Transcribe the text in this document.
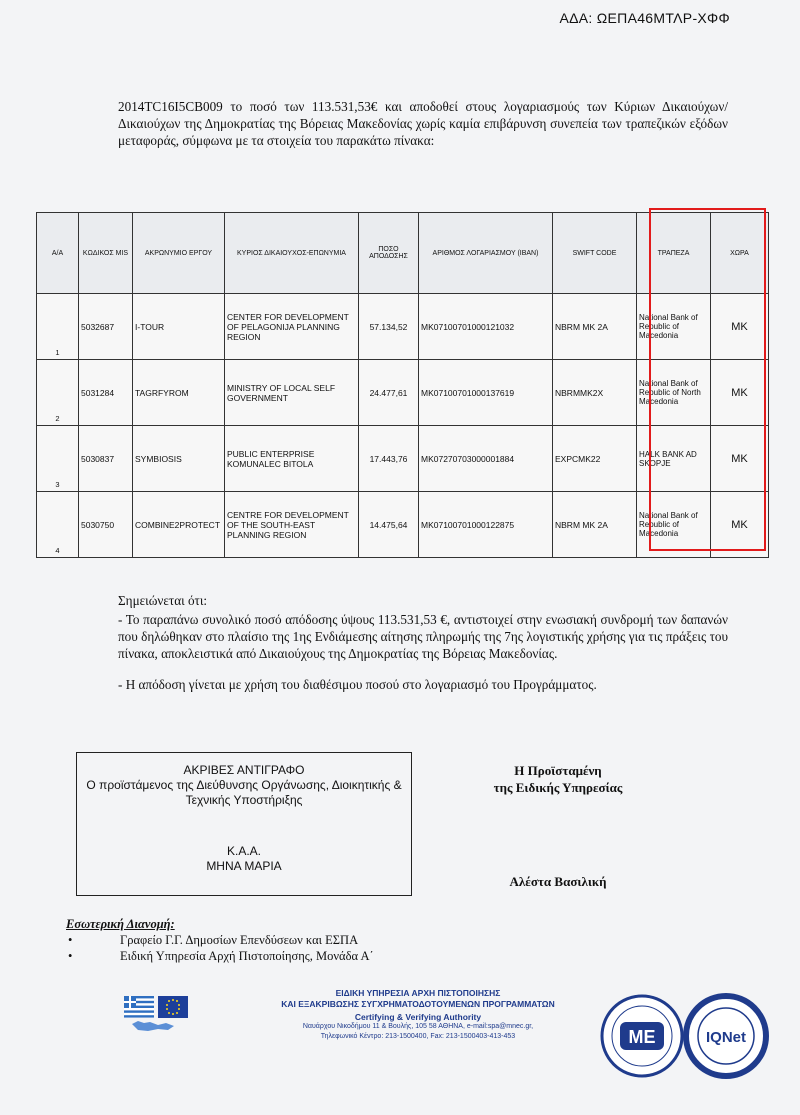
ΑΔΑ: ΩΕΠΑ46ΜΤΛΡ-ΧΦΦ

2014TC16I5CB009 το ποσό των 113.531,53€ και αποδοθεί στους λογαριασμούς των Κύριων Δικαιούχων/Δικαιούχων της Δημοκρατίας της Βόρειας Μακεδονίας χωρίς καμία επιβάρυνση συνεπεία των τραπεζικών εξόδων μεταφοράς, σύμφωνα με τα στοιχεία του παρακάτω πίνακα:

Α/Α	ΚΩΔΙΚΟΣ MIS	ΑΚΡΩΝΥΜΙΟ ΕΡΓΟΥ	ΚΥΡΙΟΣ ΔΙΚΑΙΟΥΧΟΣ-ΕΠΩΝΥΜΙΑ	ΠΟΣΟ ΑΠΟΔΟΣΗΣ	ΑΡΙΘΜΟΣ ΛΟΓΑΡΙΑΣΜΟΥ (IBAN)	SWIFT CODE	ΤΡΑΠΕΖΑ	ΧΩΡΑ
1	5032687	I-TOUR	CENTER FOR DEVELOPMENT OF PELAGONIJA PLANNING REGION	57.134,52	MK07100701000121032	NBRM MK 2A	National Bank of Republic of Macedonia	MK
2	5031284	TAGRFYROM	MINISTRY OF LOCAL SELF GOVERNMENT	24.477,61	MK07100701000137619	NBRMMK2X	National Bank of Republic of North Macedonia	MK
3	5030837	SYMBIOSIS	PUBLIC ENTERPRISE KOMUNALEC BITOLA	17.443,76	MK07270703000001884	EXPCMK22	HALK BANK AD SKOPJE	MK
4	5030750	COMBINE2PROTECT	CENTRE FOR DEVELOPMENT OF THE SOUTH-EAST PLANNING REGION	14.475,64	MK07100701000122875	NBRM MK 2A	National Bank of Republic of Macedonia	MK

Σημειώνεται ότι:

- Το παραπάνω συνολικό ποσό απόδοσης ύψους 113.531,53 €, αντιστοιχεί στην ενωσιακή συνδρομή των δαπανών που δηλώθηκαν στο πλαίσιο της 1ης Ενδιάμεσης αίτησης πληρωμής της 7ης λογιστικής χρήσης για τις πράξεις του πίνακα, αποκλειστικά από Δικαιούχους της Δημοκρατίας της Βόρειας Μακεδονίας.

- Η απόδοση γίνεται με χρήση του διαθέσιμου ποσού στο λογαριασμό του Προγράμματος.

ΑΚΡΙΒΕΣ ΑΝΤΙΓΡΑΦΟ
Ο προϊστάμενος της Διεύθυνσης Οργάνωσης, Διοικητικής & Τεχνικής Υποστήριξης
Κ.Α.Α.
ΜΗΝΑ ΜΑΡΙΑ
Η Προϊσταμένη
της Ειδικής Υπηρεσίας
Αλέστα Βασιλική
Εσωτερική Διανομή:
• Γραφείο Γ.Γ. Δημοσίων Επενδύσεων και ΕΣΠΑ
• Ειδική Υπηρεσία Αρχή Πιστοποίησης, Μονάδα Α΄
ΕΙΔΙΚΗ ΥΠΗΡΕΣΙΑ ΑΡΧΗ ΠΙΣΤΟΠΟΙΗΣΗΣ
ΚΑΙ ΕΞΑΚΡΙΒΩΣΗΣ ΣΥΓΧΡΗΜΑΤΟΔΟΤΟΥΜΕΝΩΝ ΠΡΟΓΡΑΜΜΑΤΩΝ
Certifying & Verifying Authority
Ναυάρχου Νικοδήμου 11 & Βουλής, 105 58 ΑΘΗΝΑ, e-mail:spa@mnec.gr,
Τηλεφωνικό Κέντρο: 213-1500400, Fax: 213-1500403-413-453	ME	IQNet
